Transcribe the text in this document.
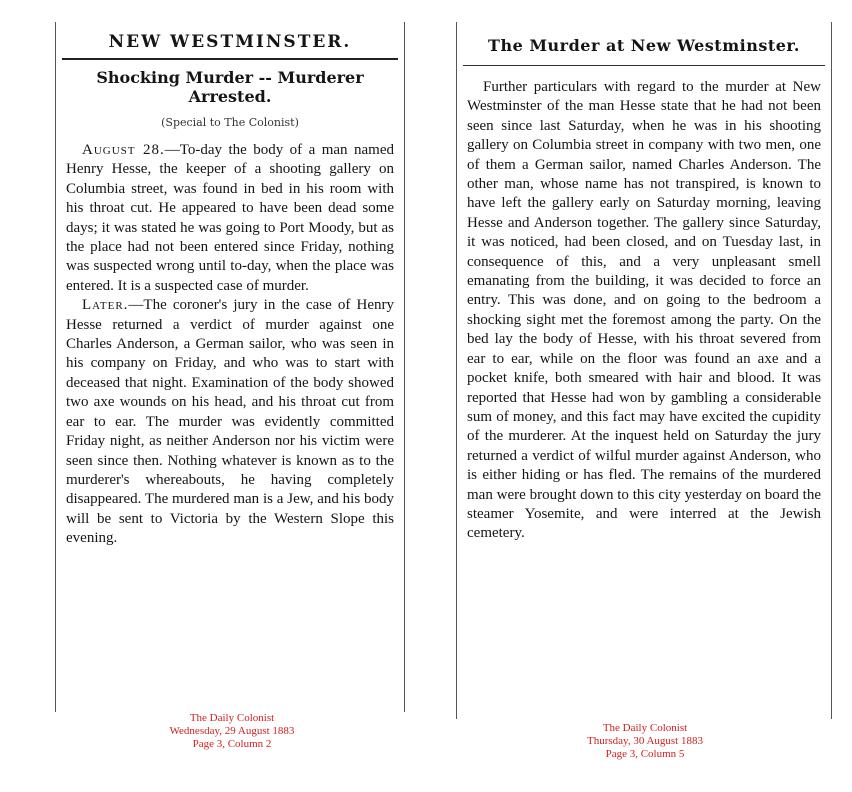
NEW WESTMINSTER.
Shocking Murder -- Murderer Arrested.
(Special to The Colonist)

August 28.—To-day the body of a man named Henry Hesse, the keeper of a shooting gallery on Columbia street, was found in bed in his room with his throat cut. He appeared to have been dead some days; it was stated he was going to Port Moody, but as the place had not been entered since Friday, nothing was suspected wrong until to-day, when the place was entered. It is a suspected case of murder.

Later.—The coroner's jury in the case of Henry Hesse returned a verdict of murder against one Charles Anderson, a German sailor, who was seen in his company on Friday, and who was to start with deceased that night. Examination of the body showed two axe wounds on his head, and his throat cut from ear to ear. The murder was evidently committed Friday night, as neither Anderson nor his victim were seen since then. Nothing whatever is known as to the murderer's whereabouts, he having completely disappeared. The murdered man is a Jew, and his body will be sent to Victoria by the Western Slope this evening.

The Daily Colonist
Wednesday, 29 August 1883
Page 3, Column 2
The Murder at New Westminster.

Further particulars with regard to the murder at New Westminster of the man Hesse state that he had not been seen since last Saturday, when he was in his shooting gallery on Columbia street in company with two men, one of them a German sailor, named Charles Anderson. The other man, whose name has not transpired, is known to have left the gallery early on Saturday morning, leaving Hesse and Anderson together. The gallery since Saturday, it was noticed, had been closed, and on Tuesday last, in consequence of this, and a very unpleasant smell emanating from the building, it was decided to force an entry. This was done, and on going to the bedroom a shocking sight met the foremost among the party. On the bed lay the body of Hesse, with his throat severed from ear to ear, while on the floor was found an axe and a pocket knife, both smeared with hair and blood. It was reported that Hesse had won by gambling a considerable sum of money, and this fact may have excited the cupidity of the murderer. At the inquest held on Saturday the jury returned a verdict of wilful murder against Anderson, who is either hiding or has fled. The remains of the murdered man were brought down to this city yesterday on board the steamer Yosemite, and were interred at the Jewish cemetery.

The Daily Colonist
Thursday, 30 August 1883
Page 3, Column 5
